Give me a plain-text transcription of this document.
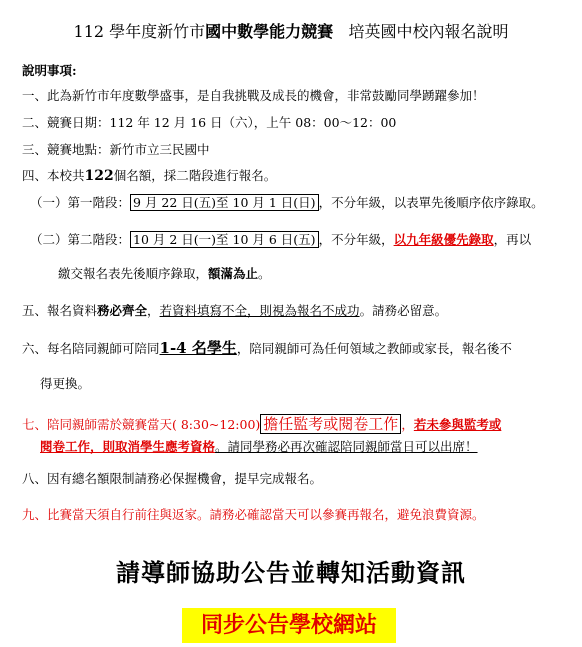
112 學年度新竹市國中數學能力競賽 培英國中校內報名說明
說明事項:
一、此為新竹市年度數學盛事，是自我挑戰及成長的機會，非常鼓勵同學踴躍參加！
二、競賽日期：112 年 12 月 16 日（六），上午 08：00～12：00
三、競賽地點：新竹市立三民國中
四、本校共122個名額，採二階段進行報名。
（一）第一階段： 9 月 22 日(五)至 10 月 1 日(日) ，不分年級，以表單先後順序依序錄取。
（二）第二階段： 10 月 2 日(一)至 10 月 6 日(五) ，不分年級，以九年級優先錄取，再以
繳交報名表先後順序錄取，額滿為止。
五、報名資料務必齊全，若資料填寫不全，則視為報名不成功。請務必留意。
六、每名陪同親師可陪同1-4 名學生，陪同親師可為任何領域之教師或家長，報名後不
得更換。
七、陪同親師需於競賽當天( 8:30~12:00) 擔任監考或閱卷工作 ，若未參與監考或
閱卷工作，則取消學生應考資格。請同學務必再次確認陪同親師當日可以出席！
八、因有總名額限制請務必保握機會，提早完成報名。
九、比賽當天須自行前往與返家。請務必確認當天可以參賽再報名，避免浪費資源。
請導師協助公告並轉知活動資訊
同步公告學校網站
